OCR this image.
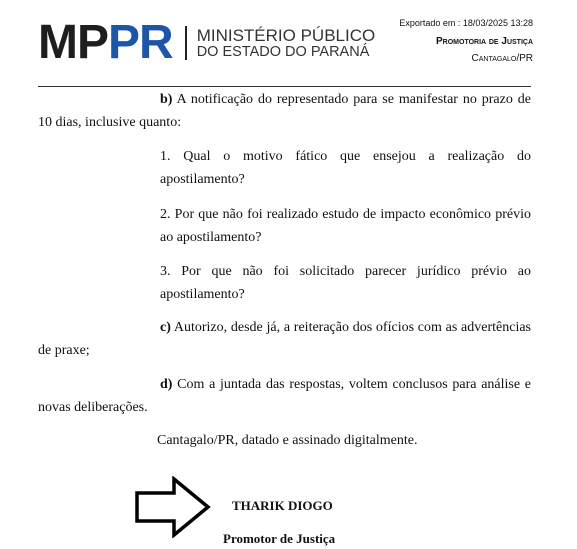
MP PR MINISTÉRIO PÚBLICO
DO ESTADO DO PARANÁ
Exportado em : 18/03/2025 13:28
Promotoria de Justiça
Cantagalo/PR

b) A notificação do representado para se manifestar no prazo de 10 dias, inclusive quanto:

1. Qual o motivo fático que ensejou a realização do apostilamento?

2. Por que não foi realizado estudo de impacto econômico prévio ao apostilamento?

3. Por que não foi solicitado parecer jurídico prévio ao apostilamento?

c) Autorizo, desde já, a reiteração dos ofícios com as advertências de praxe;

d) Com a juntada das respostas, voltem conclusos para análise e novas deliberações.

Cantagalo/PR, datado e assinado digitalmente.
THARIK DIOGO
Promotor de Justiça
